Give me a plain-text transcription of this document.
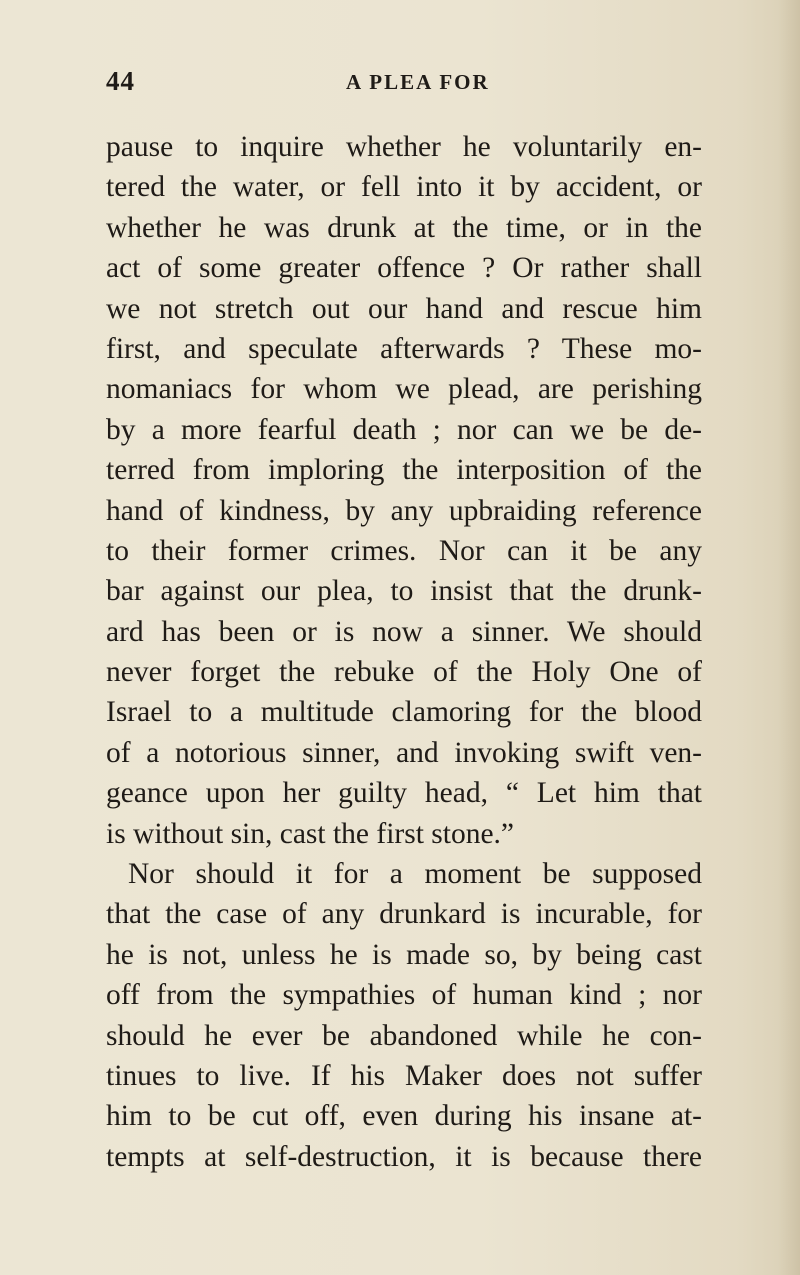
44	A PLEA FOR
pause to inquire whether he voluntarily en-
tered the water, or fell into it by accident, or
whether he was drunk at the time, or in the
act of some greater offence ? Or rather shall
we not stretch out our hand and rescue him
first, and speculate afterwards ? These mo-
nomaniacs for whom we plead, are perishing
by a more fearful death ; nor can we be de-
terred from imploring the interposition of the
hand of kindness, by any upbraiding reference
to their former crimes. Nor can it be any
bar against our plea, to insist that the drunk-
ard has been or is now a sinner. We should
never forget the rebuke of the Holy One of
Israel to a multitude clamoring for the blood
of a notorious sinner, and invoking swift ven-
geance upon her guilty head, “ Let him that
is without sin, cast the first stone.”
Nor should it for a moment be supposed
that the case of any drunkard is incurable, for
he is not, unless he is made so, by being cast
off from the sympathies of human kind ; nor
should he ever be abandoned while he con-
tinues to live. If his Maker does not suffer
him to be cut off, even during his insane at-
tempts at self-destruction, it is because there
